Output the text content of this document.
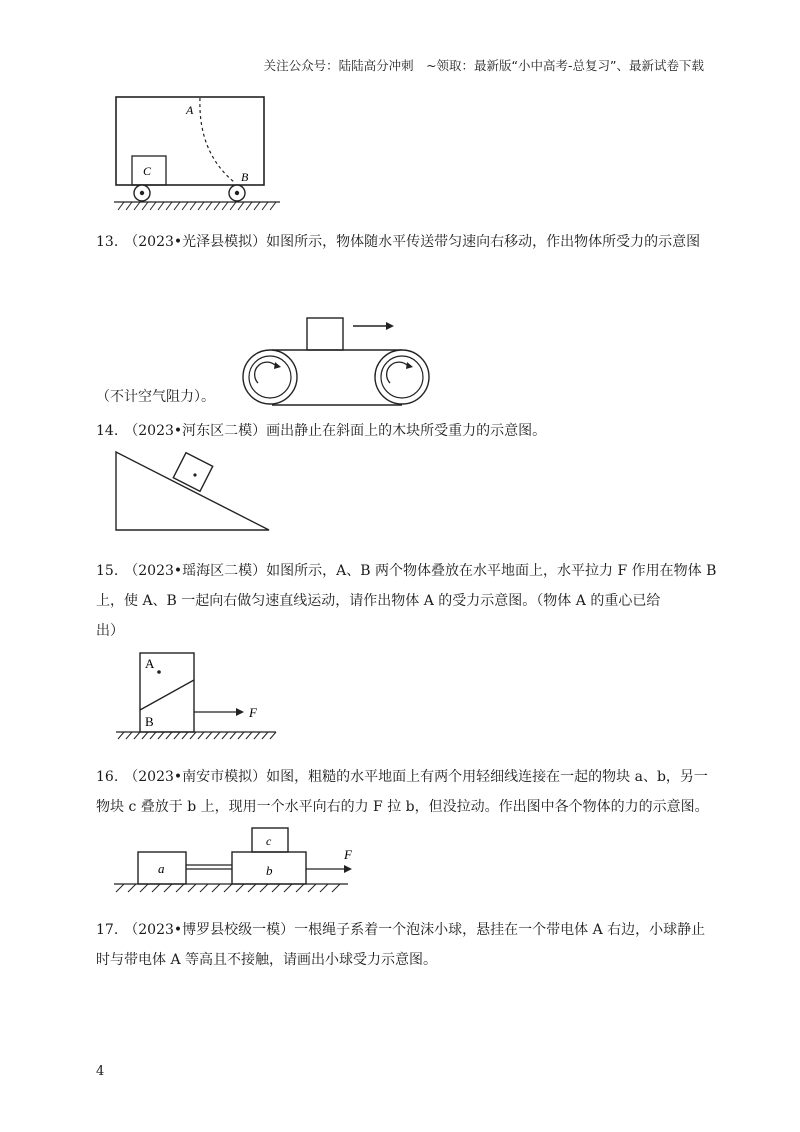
关注公众号：陆陆高分冲刺　~领取：最新版“小中高考-总复习”、最新试卷下载
C
A
B
13. （2023•光泽县模拟）如图所示，物体随水平传送带匀速向右移动，作出物体所受力的示意图
（不计空气阻力）。
14. （2023•河东区二模）画出静止在斜面上的木块所受重力的示意图。
15. （2023•瑶海区二模）如图所示，A、B 两个物体叠放在水平地面上，水平拉力 F 作用在物体 B
上，使 A、B 一起向右做匀速直线运动，请作出物体 A 的受力示意图。（物体 A 的重心已给
出）
A
B
F
16. （2023•南安市模拟）如图，粗糙的水平地面上有两个用轻细线连接在一起的物块 a、b，另一
物块 c 叠放于 b 上，现用一个水平向右的力 F 拉 b，但没拉动。作出图中各个物体的力的示意图。
a	b
c
F
17. （2023•博罗县校级一模）一根绳子系着一个泡沫小球，悬挂在一个带电体 A 右边，小球静止
时与带电体 A 等高且不接触，请画出小球受力示意图。
4
